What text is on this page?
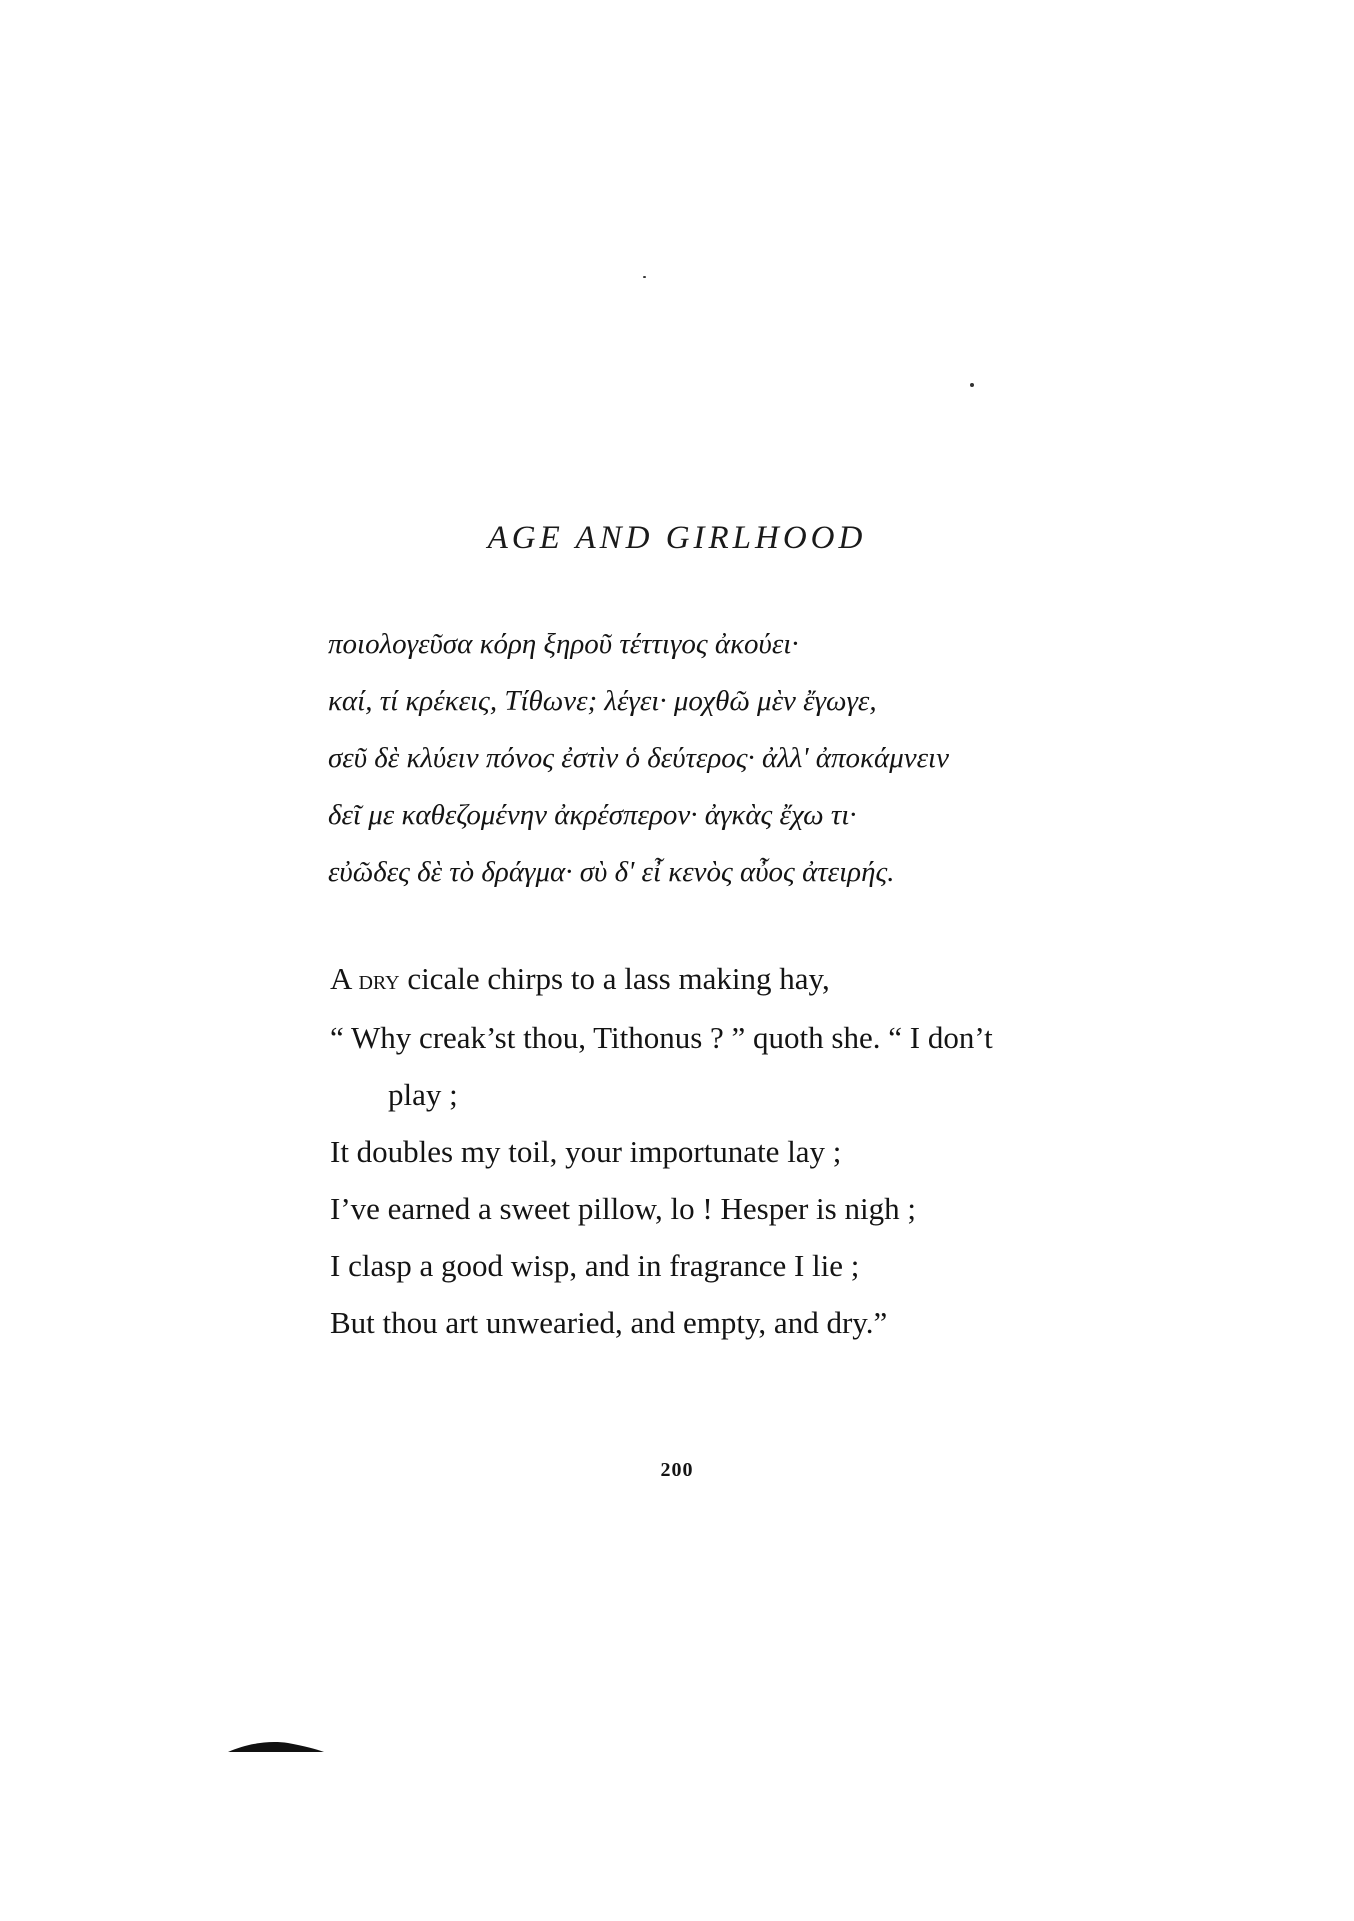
AGE AND GIRLHOOD
ποιολογεῦσα κόρη ξηροῦ τέττιγος ἀκούει·
καί, τί κρέκεις, Τίθωνε; λέγει· μοχθῶ μὲν ἔγωγε,
σεῦ δὲ κλύειν πόνος ἐστὶν ὁ δεύτερος· ἀλλ' ἀποκάμνειν
δεῖ με καθεζομένην ἀκρέσπερον· ἀγκὰς ἔχω τι·
εὐῶδες δὲ τὸ δράγμα· σὺ δ' εἶ κενὸς αὖος ἀτειρής.
A dry cicale chirps to a lass making hay,
“ Why creak’st thou, Tithonus ? ” quoth she. “ I don’t
play ;
It doubles my toil, your importunate lay ;
I’ve earned a sweet pillow, lo ! Hesper is nigh ;
I clasp a good wisp, and in fragrance I lie ;
But thou art unwearied, and empty, and dry.”

200
